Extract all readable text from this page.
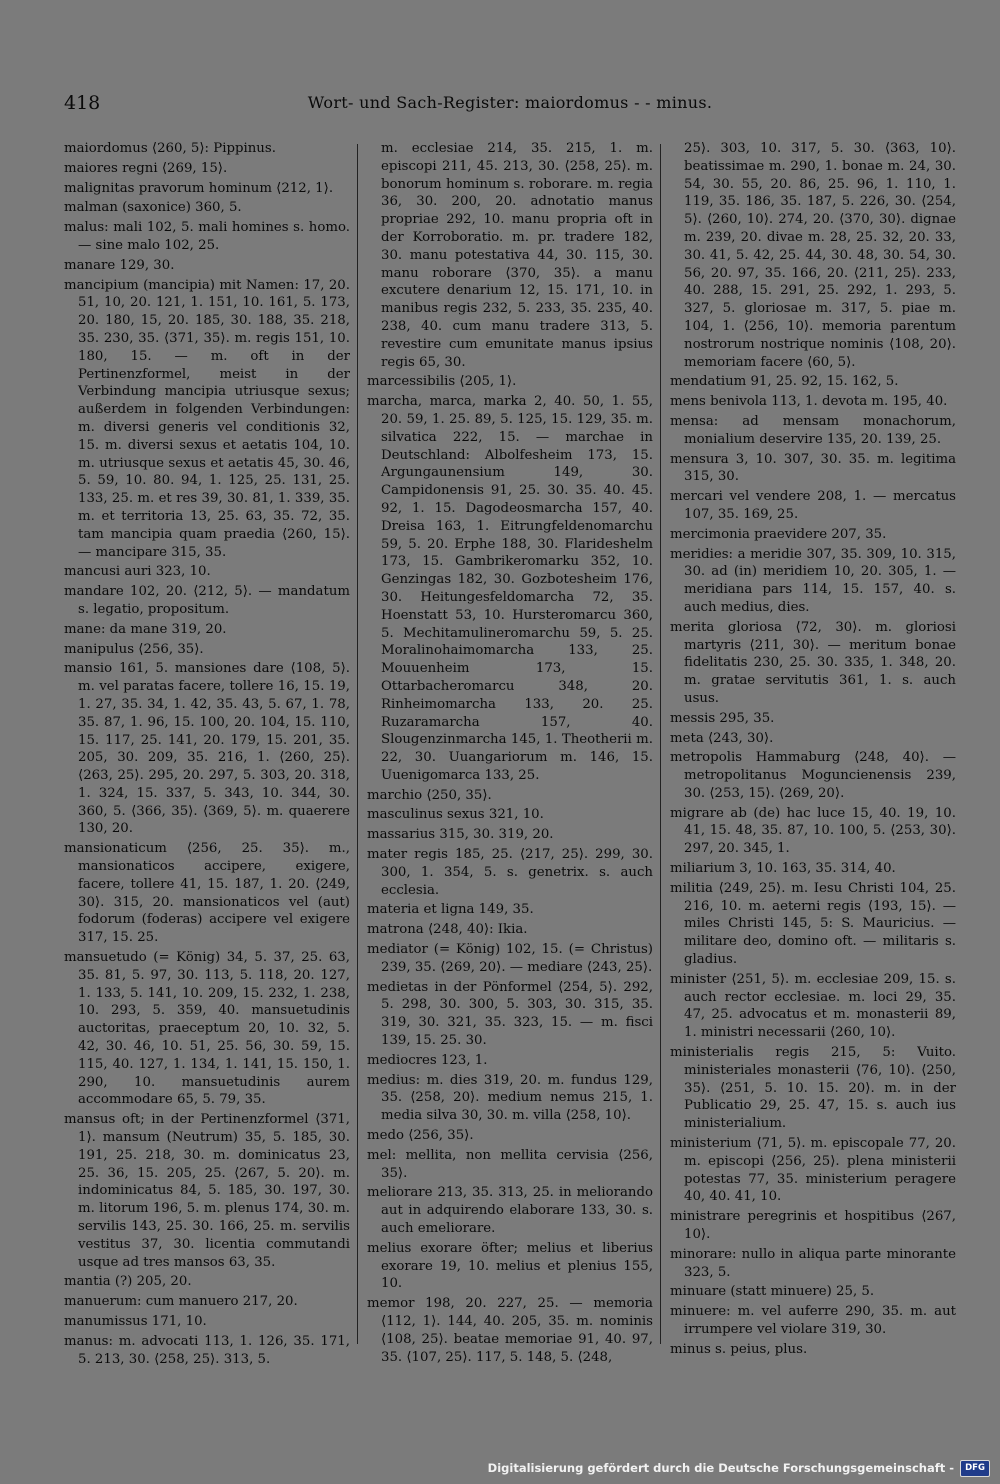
418	Wort- und Sach-Register: maiordomus - - minus.

maiordomus ⟨260, 5⟩: Pippinus.

maiores regni ⟨269, 15⟩.

malignitas pravorum hominum ⟨212, 1⟩.

malman (saxonice) 360, 5.

malus: mali 102, 5. mali homines s. homo. — sine malo 102, 25.

manare 129, 30.

mancipium (mancipia) mit Namen: 17, 20. 51, 10, 20. 121, 1. 151, 10. 161, 5. 173, 20. 180, 15, 20. 185, 30. 188, 35. 218, 35. 230, 35. ⟨371, 35⟩. m. regis 151, 10. 180, 15. — m. oft in der Pertinenzformel, meist in der Verbindung mancipia utriusque sexus; außerdem in folgenden Verbindungen: m. diversi generis vel conditionis 32, 15. m. diversi sexus et aetatis 104, 10. m. utriusque sexus et aetatis 45, 30. 46, 5. 59, 10. 80. 94, 1. 125, 25. 131, 25. 133, 25. m. et res 39, 30. 81, 1. 339, 35. m. et territoria 13, 25. 63, 35. 72, 35. tam mancipia quam praedia ⟨260, 15⟩. — mancipare 315, 35.

mancusi auri 323, 10.

mandare 102, 20. ⟨212, 5⟩. — mandatum s. legatio, propositum.

mane: da mane 319, 20.

manipulus ⟨256, 35⟩.

mansio 161, 5. mansiones dare ⟨108, 5⟩. m. vel paratas facere, tollere 16, 15. 19, 1. 27, 35. 34, 1. 42, 35. 43, 5. 67, 1. 78, 35. 87, 1. 96, 15. 100, 20. 104, 15. 110, 15. 117, 25. 141, 20. 179, 15. 201, 35. 205, 30. 209, 35. 216, 1. ⟨260, 25⟩. ⟨263, 25⟩. 295, 20. 297, 5. 303, 20. 318, 1. 324, 15. 337, 5. 343, 10. 344, 30. 360, 5. ⟨366, 35⟩. ⟨369, 5⟩. m. quaerere 130, 20.

mansionaticum ⟨256, 25. 35⟩. m., mansionaticos accipere, exigere, facere, tollere 41, 15. 187, 1. 20. ⟨249, 30⟩. 315, 20. mansionaticos vel (aut) fodorum (foderas) accipere vel exigere 317, 15. 25.

mansuetudo (= König) 34, 5. 37, 25. 63, 35. 81, 5. 97, 30. 113, 5. 118, 20. 127, 1. 133, 5. 141, 10. 209, 15. 232, 1. 238, 10. 293, 5. 359, 40. mansuetudinis auctoritas, praeceptum 20, 10. 32, 5. 42, 30. 46, 10. 51, 25. 56, 30. 59, 15. 115, 40. 127, 1. 134, 1. 141, 15. 150, 1. 290, 10. mansuetudinis aurem accommodare 65, 5. 79, 35.

mansus oft; in der Pertinenzformel ⟨371, 1⟩. mansum (Neutrum) 35, 5. 185, 30. 191, 25. 218, 30. m. dominicatus 23, 25. 36, 15. 205, 25. ⟨267, 5. 20⟩. m. indominicatus 84, 5. 185, 30. 197, 30. m. litorum 196, 5. m. plenus 174, 30. m. servilis 143, 25. 30. 166, 25. m. servilis vestitus 37, 30. licentia commutandi usque ad tres mansos 63, 35.

mantia (?) 205, 20.

manuerum: cum manuero 217, 20.

manumissus 171, 10.

manus: m. advocati 113, 1. 126, 35. 171, 5. 213, 30. ⟨258, 25⟩. 313, 5.

m. ecclesiae 214, 35. 215, 1. m. episcopi 211, 45. 213, 30. ⟨258, 25⟩. m. bonorum hominum s. roborare. m. regia 36, 30. 200, 20. adnotatio manus propriae 292, 10. manu propria oft in der Korroboratio. m. pr. tradere 182, 30. manu potestativa 44, 30. 115, 30. manu roborare ⟨370, 35⟩. a manu excutere denarium 12, 15. 171, 10. in manibus regis 232, 5. 233, 35. 235, 40. 238, 40. cum manu tradere 313, 5. revestire cum emunitate manus ipsius regis 65, 30.

marcessibilis ⟨205, 1⟩.

marcha, marca, marka 2, 40. 50, 1. 55, 20. 59, 1. 25. 89, 5. 125, 15. 129, 35. m. silvatica 222, 15. — marchae in Deutschland: Albolfesheim 173, 15. Argungaunensium 149, 30. Campidonensis 91, 25. 30. 35. 40. 45. 92, 1. 15. Dagodeosmarcha 157, 40. Dreisa 163, 1. Eitrungfeldenomarchu 59, 5. 20. Erphe 188, 30. Flarideshelm 173, 15. Gambrikeromarku 352, 10. Genzingas 182, 30. Gozbotesheim 176, 30. Heitungesfeldomarcha 72, 35. Hoenstatt 53, 10. Hursteromarcu 360, 5. Mechitamulineromarchu 59, 5. 25. Moralinohaimomarcha 133, 25. Mouuenheim 173, 15. Ottarbacheromarcu 348, 20. Rinheimomarcha 133, 20. 25. Ruzaramarcha 157, 40. Slougenzinmarcha 145, 1. Theotherii m. 22, 30. Uuangariorum m. 146, 15. Uuenigomarca 133, 25.

marchio ⟨250, 35⟩.

masculinus sexus 321, 10.

massarius 315, 30. 319, 20.

mater regis 185, 25. ⟨217, 25⟩. 299, 30. 300, 1. 354, 5. s. genetrix. s. auch ecclesia.

materia et ligna 149, 35.

matrona ⟨248, 40⟩: Ikia.

mediator (= König) 102, 15. (= Christus) 239, 35. ⟨269, 20⟩. — mediare ⟨243, 25⟩.

medietas in der Pönformel ⟨254, 5⟩. 292, 5. 298, 30. 300, 5. 303, 30. 315, 35. 319, 30. 321, 35. 323, 15. — m. fisci 139, 15. 25. 30.

mediocres 123, 1.

medius: m. dies 319, 20. m. fundus 129, 35. ⟨258, 20⟩. medium nemus 215, 1. media silva 30, 30. m. villa ⟨258, 10⟩.

medo ⟨256, 35⟩.

mel: mellita, non mellita cervisia ⟨256, 35⟩.

meliorare 213, 35. 313, 25. in meliorando aut in adquirendo elaborare 133, 30. s. auch emeliorare.

melius exorare öfter; melius et liberius exorare 19, 10. melius et plenius 155, 10.

memor 198, 20. 227, 25. — memoria ⟨112, 1⟩. 144, 40. 205, 35. m. nominis ⟨108, 25⟩. beatae memoriae 91, 40. 97, 35. ⟨107, 25⟩. 117, 5. 148, 5. ⟨248,

25⟩. 303, 10. 317, 5. 30. ⟨363, 10⟩. beatissimae m. 290, 1. bonae m. 24, 30. 54, 30. 55, 20. 86, 25. 96, 1. 110, 1. 119, 35. 186, 35. 187, 5. 226, 30. ⟨254, 5⟩. ⟨260, 10⟩. 274, 20. ⟨370, 30⟩. dignae m. 239, 20. divae m. 28, 25. 32, 20. 33, 30. 41, 5. 42, 25. 44, 30. 48, 30. 54, 30. 56, 20. 97, 35. 166, 20. ⟨211, 25⟩. 233, 40. 288, 15. 291, 25. 292, 1. 293, 5. 327, 5. gloriosae m. 317, 5. piae m. 104, 1. ⟨256, 10⟩. memoria parentum nostrorum nostrique nominis ⟨108, 20⟩. memoriam facere ⟨60, 5⟩.

mendatium 91, 25. 92, 15. 162, 5.

mens benivola 113, 1. devota m. 195, 40.

mensa: ad mensam monachorum, monialium deservire 135, 20. 139, 25.

mensura 3, 10. 307, 30. 35. m. legitima 315, 30.

mercari vel vendere 208, 1. — mercatus 107, 35. 169, 25.

mercimonia praevidere 207, 35.

meridies: a meridie 307, 35. 309, 10. 315, 30. ad (in) meridiem 10, 20. 305, 1. — meridiana pars 114, 15. 157, 40. s. auch medius, dies.

merita gloriosa ⟨72, 30⟩. m. gloriosi martyris ⟨211, 30⟩. — meritum bonae fidelitatis 230, 25. 30. 335, 1. 348, 20. m. gratae servitutis 361, 1. s. auch usus.

messis 295, 35.

meta ⟨243, 30⟩.

metropolis Hammaburg ⟨248, 40⟩. — metropolitanus Moguncienensis 239, 30. ⟨253, 15⟩. ⟨269, 20⟩.

migrare ab (de) hac luce 15, 40. 19, 10. 41, 15. 48, 35. 87, 10. 100, 5. ⟨253, 30⟩. 297, 20. 345, 1.

miliarium 3, 10. 163, 35. 314, 40.

militia ⟨249, 25⟩. m. Iesu Christi 104, 25. 216, 10. m. aeterni regis ⟨193, 15⟩. — miles Christi 145, 5: S. Mauricius. — militare deo, domino oft. — militaris s. gladius.

minister ⟨251, 5⟩. m. ecclesiae 209, 15. s. auch rector ecclesiae. m. loci 29, 35. 47, 25. advocatus et m. monasterii 89, 1. ministri necessarii ⟨260, 10⟩.

ministerialis regis 215, 5: Vuito. ministeriales monasterii ⟨76, 10⟩. ⟨250, 35⟩. ⟨251, 5. 10. 15. 20⟩. m. in der Publicatio 29, 25. 47, 15. s. auch ius ministerialium.

ministerium ⟨71, 5⟩. m. episcopale 77, 20. m. episcopi ⟨256, 25⟩. plena ministerii potestas 77, 35. ministerium peragere 40, 40. 41, 10.

ministrare peregrinis et hospitibus ⟨267, 10⟩.

minorare: nullo in aliqua parte minorante 323, 5.

minuare (statt minuere) 25, 5.

minuere: m. vel auferre 290, 35. m. aut irrumpere vel violare 319, 30.

minus s. peius, plus.

Digitalisierung gefördert durch die Deutsche Forschungsgemeinschaft - DFG
